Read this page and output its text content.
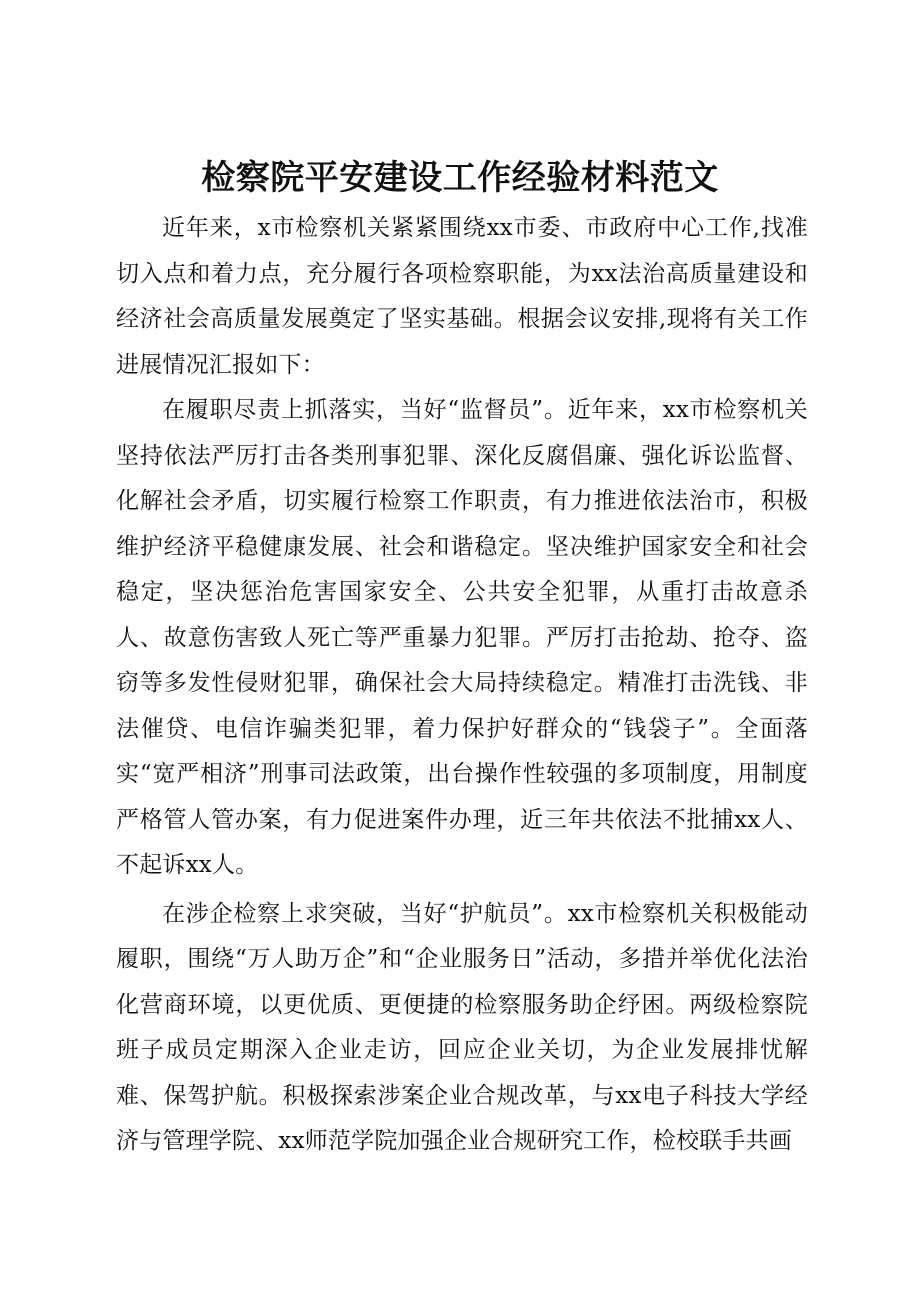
检察院平安建设工作经验材料范文

近年来，x市检察机关紧紧围绕xx市委、市政府中心工作,找准切入点和着力点，充分履行各项检察职能，为xx法治高质量建设和经济社会高质量发展奠定了坚实基础。根据会议安排,现将有关工作进展情况汇报如下：

在履职尽责上抓落实，当好“监督员”。近年来，xx市检察机关坚持依法严厉打击各类刑事犯罪、深化反腐倡廉、强化诉讼监督、化解社会矛盾，切实履行检察工作职责，有力推进依法治市，积极维护经济平稳健康发展、社会和谐稳定。坚决维护国家安全和社会稳定，坚决惩治危害国家安全、公共安全犯罪，从重打击故意杀人、故意伤害致人死亡等严重暴力犯罪。严厉打击抢劫、抢夺、盗窃等多发性侵财犯罪，确保社会大局持续稳定。精准打击洗钱、非法催贷、电信诈骗类犯罪，着力保护好群众的“钱袋子”。全面落实“宽严相济”刑事司法政策，出台操作性较强的多项制度，用制度严格管人管办案，有力促进案件办理，近三年共依法不批捕xx人、不起诉xx人。

在涉企检察上求突破，当好“护航员”。xx市检察机关积极能动履职，围绕“万人助万企”和“企业服务日”活动，多措并举优化法治化营商环境，以更优质、更便捷的检察服务助企纾困。两级检察院班子成员定期深入企业走访，回应企业关切，为企业发展排忧解难、保驾护航。积极探索涉案企业合规改革，与xx电子科技大学经济与管理学院、xx师范学院加强企业合规研究工作，检校联手共画
